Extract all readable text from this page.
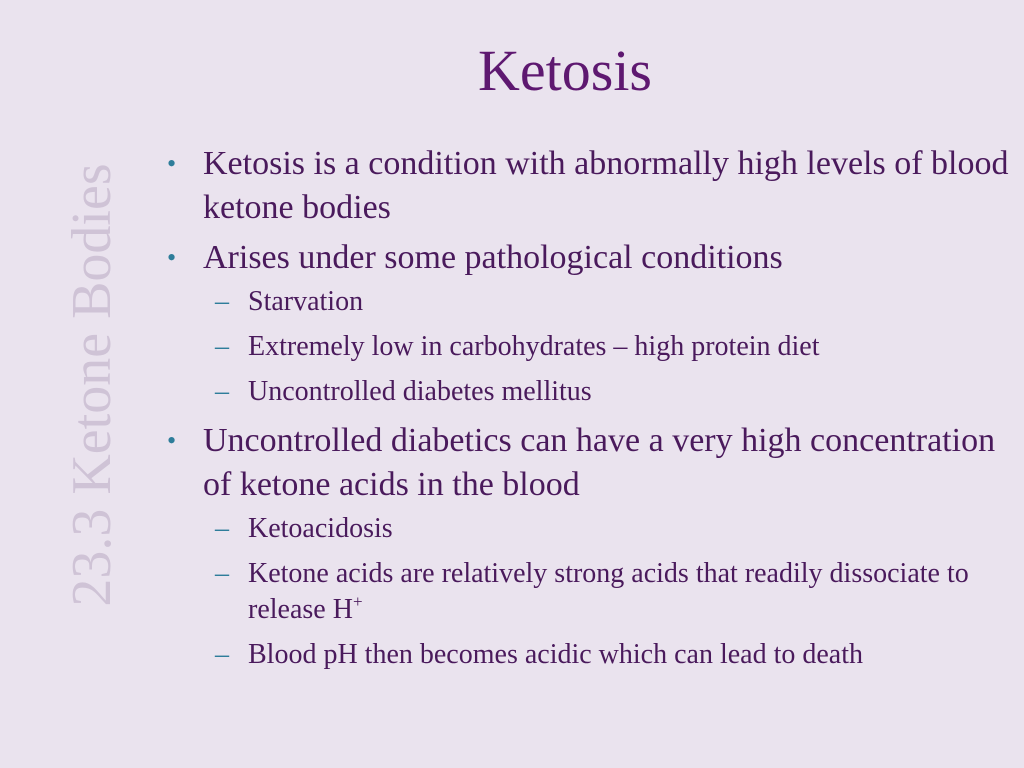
23.3 Ketone Bodies
Ketosis
• Ketosis is a condition with abnormally high levels of blood ketone bodies
• Arises under some pathological conditions
– Starvation
– Extremely low in carbohydrates – high protein diet
– Uncontrolled diabetes mellitus
• Uncontrolled diabetics can have a very high concentration of ketone acids in the blood
– Ketoacidosis
– Ketone acids are relatively strong acids that readily dissociate to release H+
– Blood pH then becomes acidic which can lead to death
